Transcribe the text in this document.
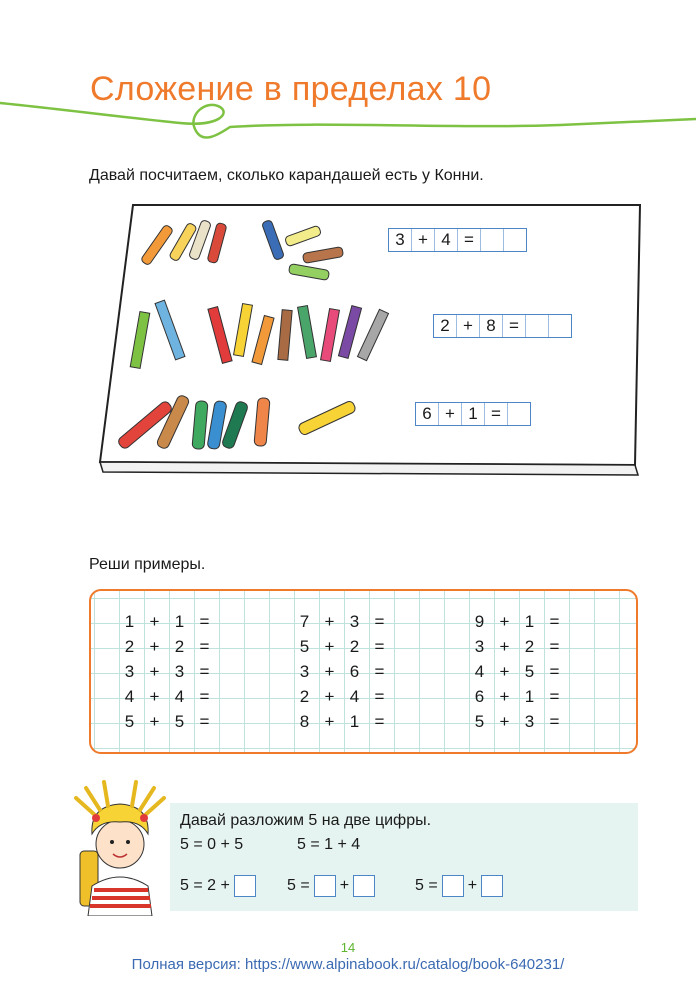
Сложение в пределах 10
Давай посчитаем, сколько карандашей есть у Конни.
3 + 4 =
2 + 8 =
6 + 1 =
Реши примеры.
1 + 1 =
2 + 2 =
3 + 3 =
4 + 4 =
5 + 5 =
7 + 3 =
5 + 2 =
3 + 6 =
2 + 4 =
8 + 1 =
9 + 1 =
3 + 2 =
4 + 5 =
6 + 1 =
5 + 3 =
Давай разложим 5 на две цифры.
5 = 0 + 5	5 = 1 + 4
5 = 2 +	5 = +	5 = +
14
Полная версия: https://www.alpinabook.ru/catalog/book-640231/
